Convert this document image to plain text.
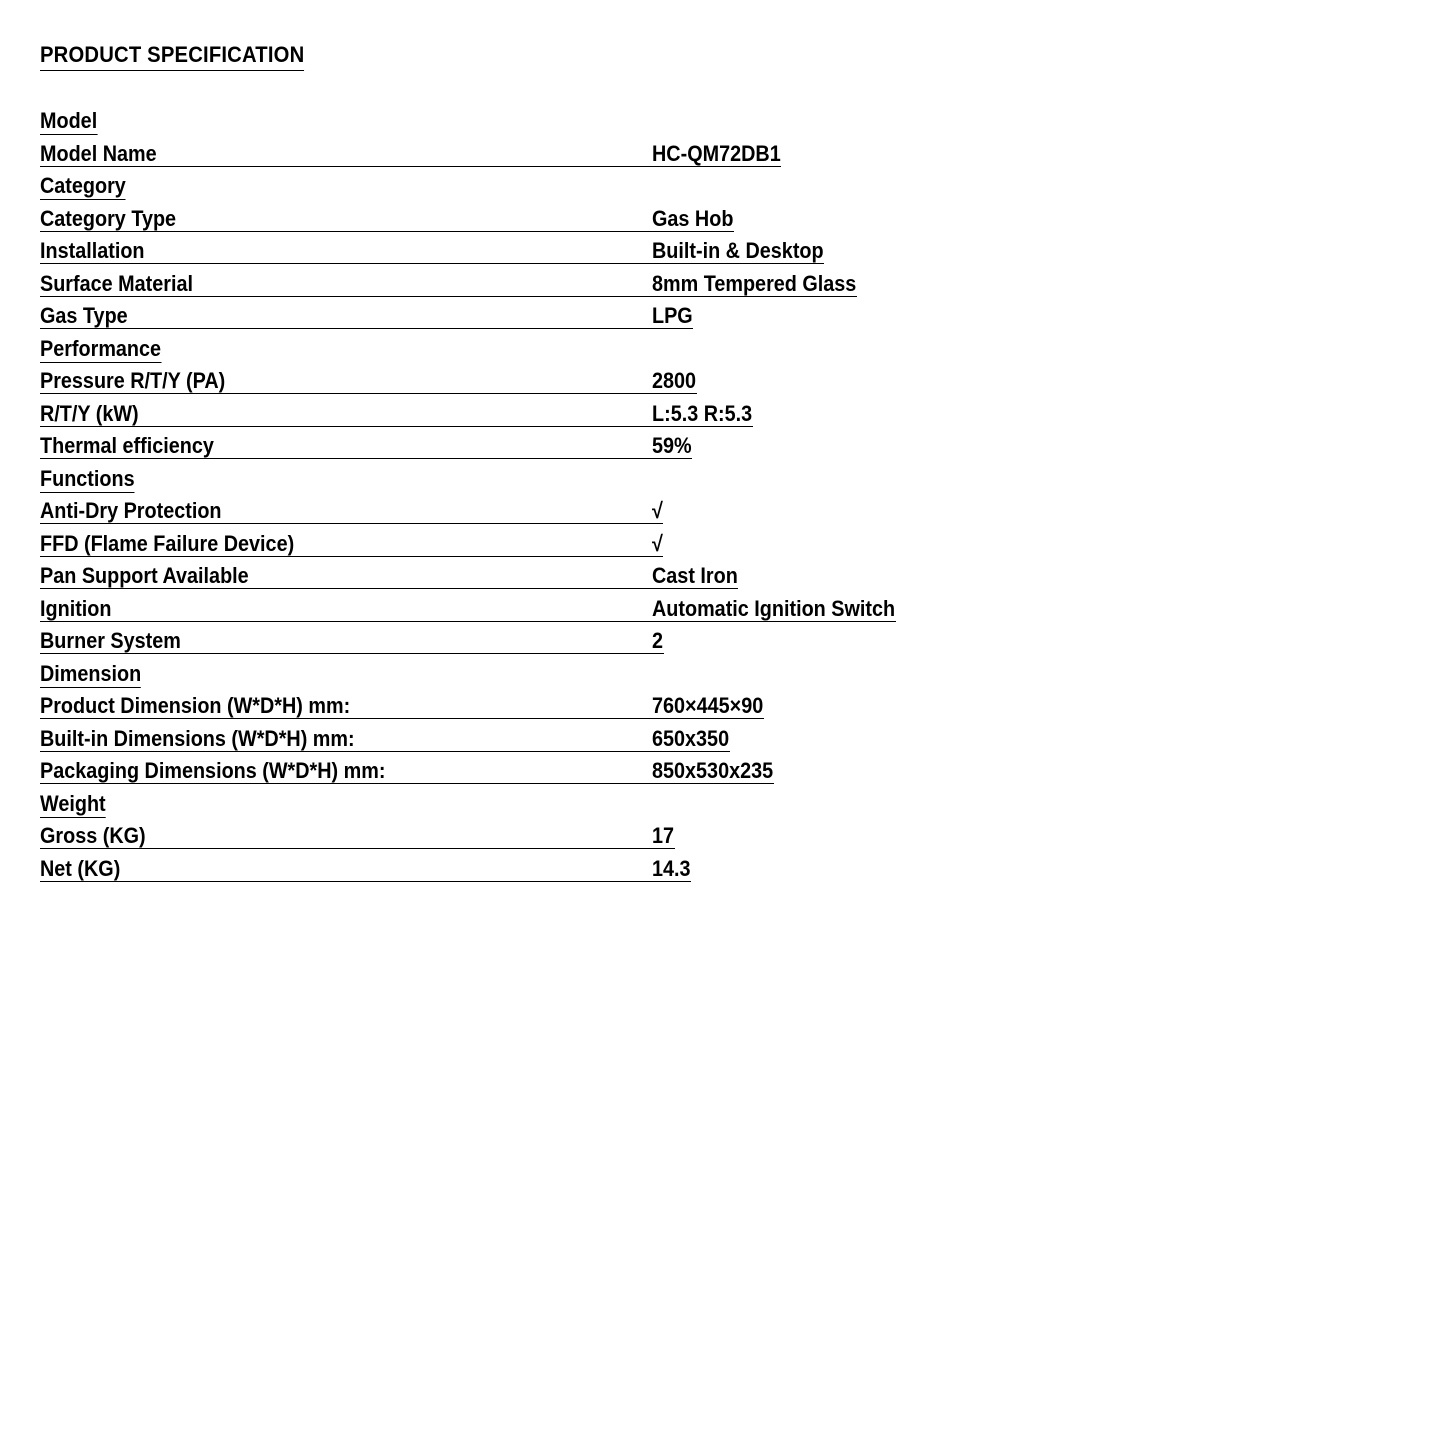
PRODUCT SPECIFICATION
Model
Model Name	HC-QM72DB1
Category
Category Type	Gas Hob
Installation	Built-in & Desktop
Surface Material	8mm Tempered Glass
Gas Type	LPG
Performance
Pressure R/T/Y (PA)	2800
R/T/Y (kW)	L:5.3 R:5.3
Thermal efficiency	59%
Functions
Anti-Dry Protection	√
FFD (Flame Failure Device)	√
Pan Support Available	Cast Iron
Ignition	Automatic Ignition Switch
Burner System	2
Dimension
Product Dimension (W*D*H) mm:	760×445×90
Built-in Dimensions (W*D*H) mm:	650x350
Packaging Dimensions (W*D*H) mm:	850x530x235
Weight
Gross (KG)	17
Net (KG)	14.3
